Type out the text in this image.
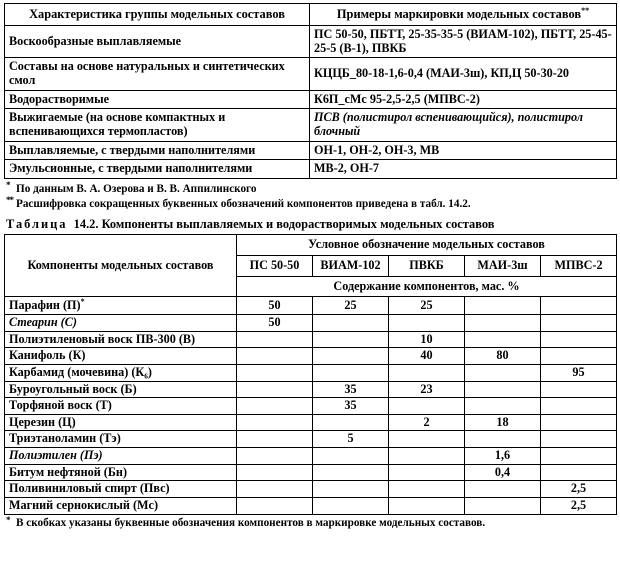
Характеристика группы модельных составов	Примеры маркировки модельных составов**
Воскообразные выплавляемые	ПС 50-50, ПБТТ, 25-35-35-5 (ВИАМ-102), ПБТТ, 25-45-25-5 (В-1), ПВКБ
Составы на основе натуральных и синтетических смол	КЦЦБ_80-18-1,6-0,4 (МАИ-3ш), КП,Ц 50-30-20
Водорастворимые	К6П_сМс 95-2,5-2,5 (МПВС-2)
Выжигаемые (на основе компактных и вспенивающихся термопластов)	ПСВ (полистирол вспенивающийся), полистирол блочный
Выплавляемые, с твердыми наполнителями	ОН-1, ОН-2, ОН-3, МВ
Эмульсионные, с твердыми наполнителями	МВ-2, ОН-7
* По данным В. А. Озерова и В. В. Аппилинского
** Расшифровка сокращенных буквенных обозначений компонентов приведена в табл. 14.2.
Таблица 14.2. Компоненты выплавляемых и водорастворимых модельных составов
Компоненты модельных составов	Условное обозначение модельных составов				
	ПС 50-50	ВИАМ-102	ПВКБ	МАИ-3ш	МПВС-2
	Содержание компонентов, мас. %				
Парафин (П)*	50	25	25		
Стеарин (С)	50				
Полиэтиленовый воск ПВ-300 (В)			10		
Канифоль (К)			40	80	
Карбамид (мочевина) (К₆)					95
Буроугольный воск (Б)		35	23		
Торфяной воск (Т)		35			
Церезин (Ц)			2	18	
Триэтаноламин (Тэ)		5			
Полиэтилен (Пэ)				1,6	
Битум нефтяной (Бн)				0,4	
Поливиниловый спирт (Пвс)					2,5
Магний сернокислый (Мс)					2,5
* В скобках указаны буквенные обозначения компонентов в маркировке модельных составов.
